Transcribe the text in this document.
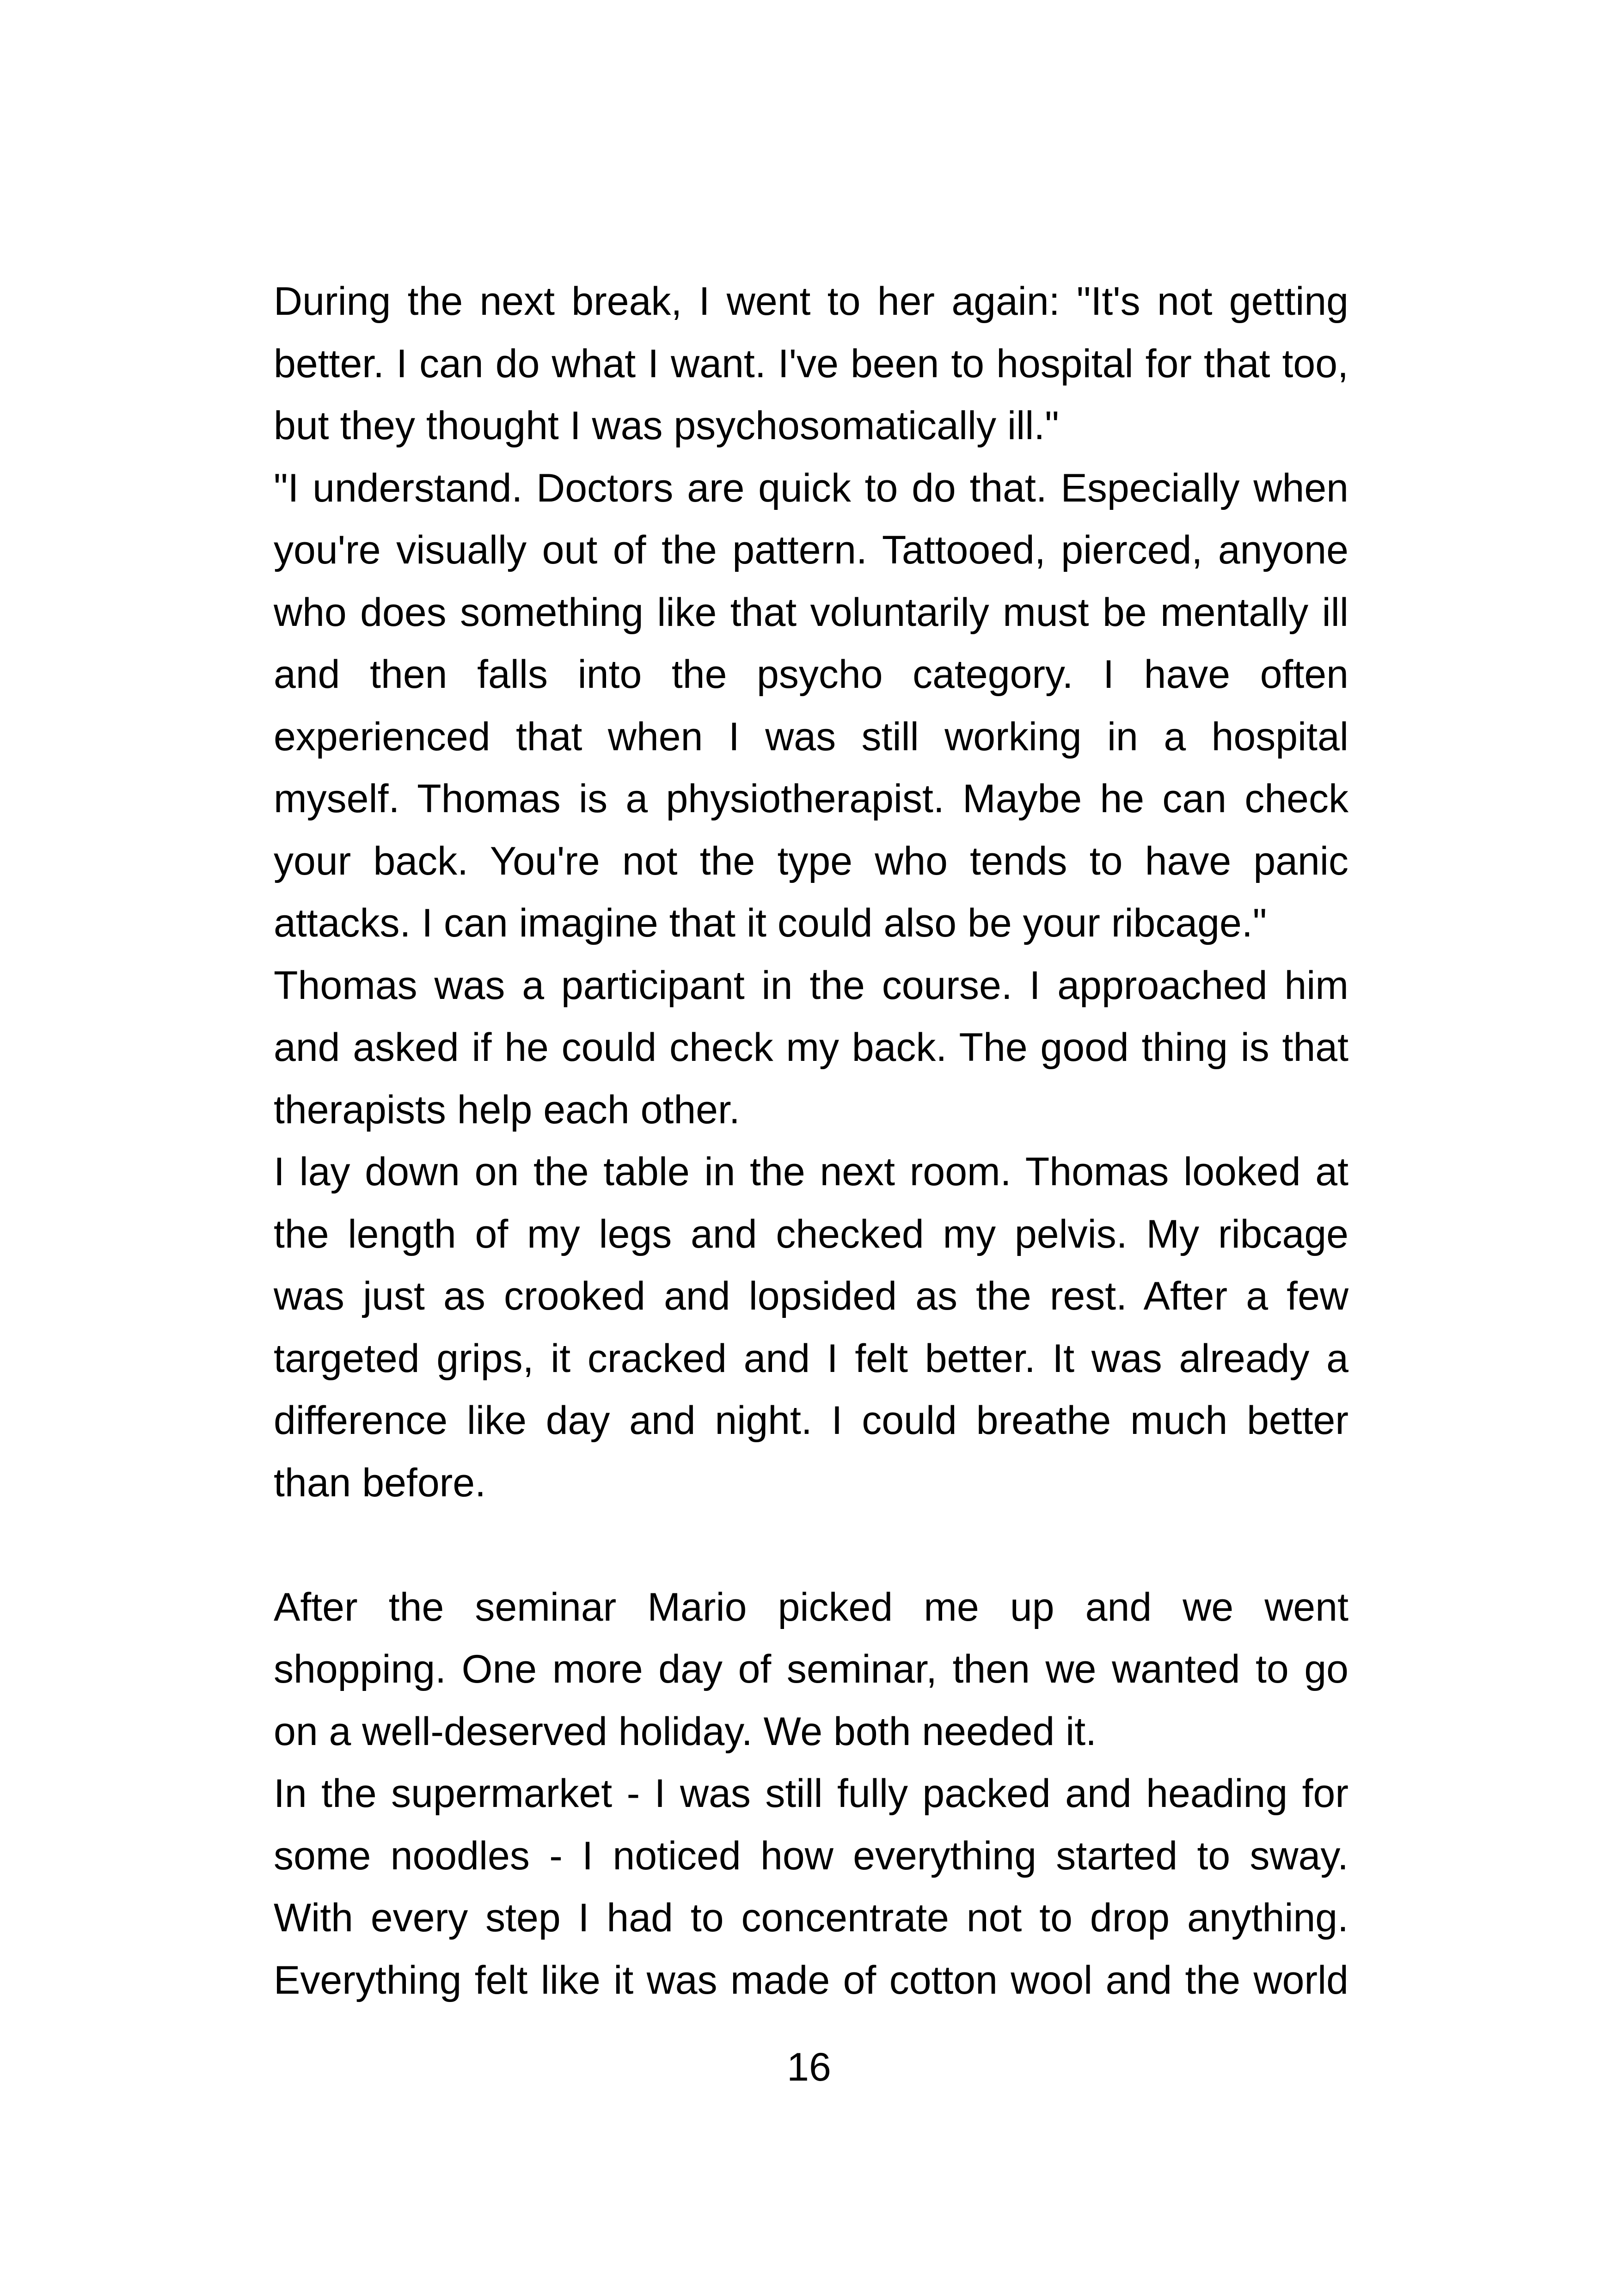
During the next break, I went to her again: "It's not getting better. I can do what I want. I've been to hospital for that too, but they thought I was psychosomatically ill."

"I understand. Doctors are quick to do that. Especially when you're visually out of the pattern. Tattooed, pierced, anyone who does something like that voluntarily must be mentally ill and then falls into the psycho category. I have often experienced that when I was still working in a hospital myself. Thomas is a physiotherapist. Maybe he can check your back. You're not the type who tends to have panic attacks. I can imagine that it could also be your ribcage."

Thomas was a participant in the course. I approached him and asked if he could check my back. The good thing is that therapists help each other.

I lay down on the table in the next room. Thomas looked at the length of my legs and checked my pelvis. My ribcage was just as crooked and lopsided as the rest. After a few targeted grips, it cracked and I felt better. It was already a difference like day and night. I could breathe much better than before.

After the seminar Mario picked me up and we went shopping. One more day of seminar, then we wanted to go on a well-deserved holiday. We both needed it.

In the supermarket - I was still fully packed and heading for some noodles - I noticed how everything started to sway. With every step I had to concentrate not to drop anything. Everything felt like it was made of cotton wool and the world

16
